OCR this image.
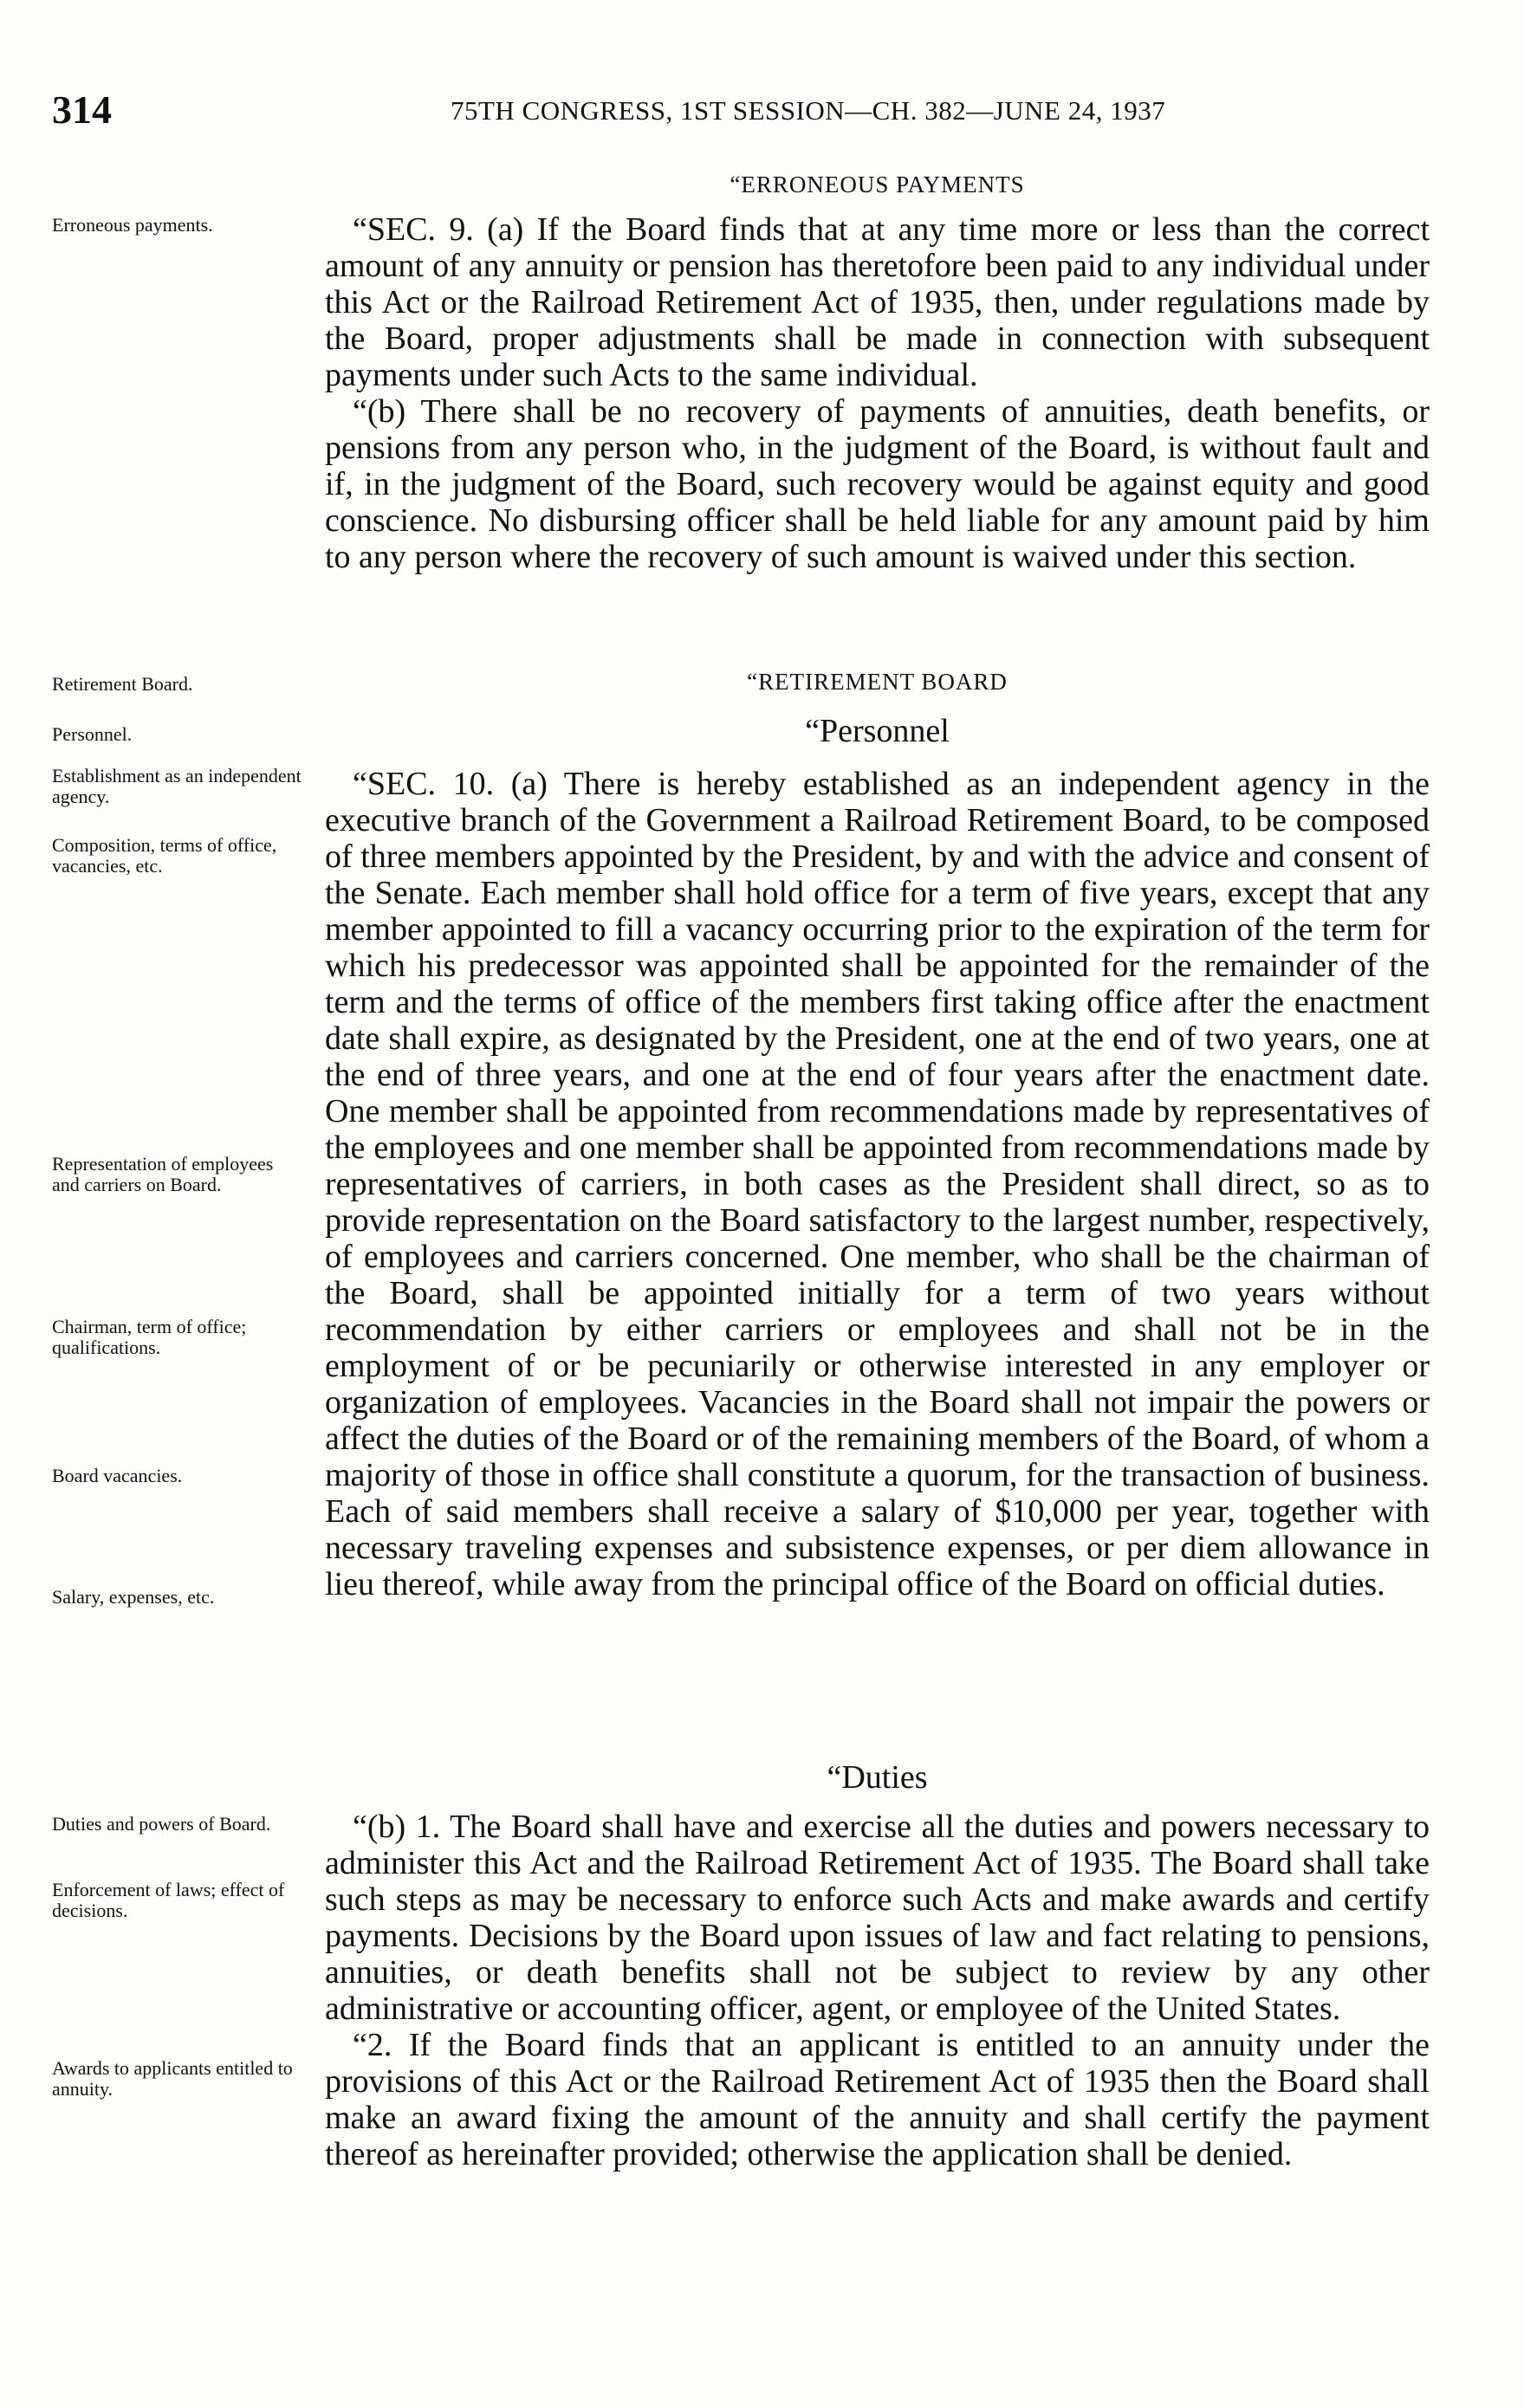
314	75TH CONGRESS, 1ST SESSION—CH. 382—JUNE 24, 1937
“ERRONEOUS PAYMENTS

“SEC. 9. (a) If the Board finds that at any time more or less than the correct amount of any annuity or pension has theretofore been paid to any individual under this Act or the Railroad Retirement Act of 1935, then, under regulations made by the Board, proper adjustments shall be made in connection with subsequent payments under such Acts to the same individual.

“(b) There shall be no recovery of payments of annuities, death benefits, or pensions from any person who, in the judgment of the Board, is without fault and if, in the judgment of the Board, such recovery would be against equity and good conscience. No disbursing officer shall be held liable for any amount paid by him to any person where the recovery of such amount is waived under this section.

“RETIREMENT BOARD
“Personnel

“SEC. 10. (a) There is hereby established as an independent agency in the executive branch of the Government a Railroad Retirement Board, to be composed of three members appointed by the President, by and with the advice and consent of the Senate. Each member shall hold office for a term of five years, except that any member appointed to fill a vacancy occurring prior to the expiration of the term for which his predecessor was appointed shall be appointed for the remainder of the term and the terms of office of the members first taking office after the enactment date shall expire, as designated by the President, one at the end of two years, one at the end of three years, and one at the end of four years after the enactment date. One member shall be appointed from recommendations made by representatives of the employees and one member shall be appointed from recommendations made by representatives of carriers, in both cases as the President shall direct, so as to provide representation on the Board satisfactory to the largest number, respectively, of employees and carriers concerned. One member, who shall be the chairman of the Board, shall be appointed initially for a term of two years without recommendation by either carriers or employees and shall not be in the employment of or be pecuniarily or otherwise interested in any employer or organization of employees. Vacancies in the Board shall not impair the powers or affect the duties of the Board or of the remaining members of the Board, of whom a majority of those in office shall constitute a quorum, for the transaction of business. Each of said members shall receive a salary of $10,000 per year, together with necessary traveling expenses and subsistence expenses, or per diem allowance in lieu thereof, while away from the principal office of the Board on official duties.

“Duties

“(b) 1. The Board shall have and exercise all the duties and powers necessary to administer this Act and the Railroad Retirement Act of 1935. The Board shall take such steps as may be necessary to enforce such Acts and make awards and certify payments. Decisions by the Board upon issues of law and fact relating to pensions, annuities, or death benefits shall not be subject to review by any other administrative or accounting officer, agent, or employee of the United States.

“2. If the Board finds that an applicant is entitled to an annuity under the provisions of this Act or the Railroad Retirement Act of 1935 then the Board shall make an award fixing the amount of the annuity and shall certify the payment thereof as hereinafter provided; otherwise the application shall be denied.

Erroneous payments.
Retirement Board.
Personnel.
Establishment as an independent agency.
Composition, terms of office, vacancies, etc.
Representation of employees and carriers on Board.
Chairman, term of office; qualifications.
Board vacancies.
Salary, expenses, etc.
Duties and powers of Board.
Enforcement of laws; effect of decisions.
Awards to applicants entitled to annuity.
